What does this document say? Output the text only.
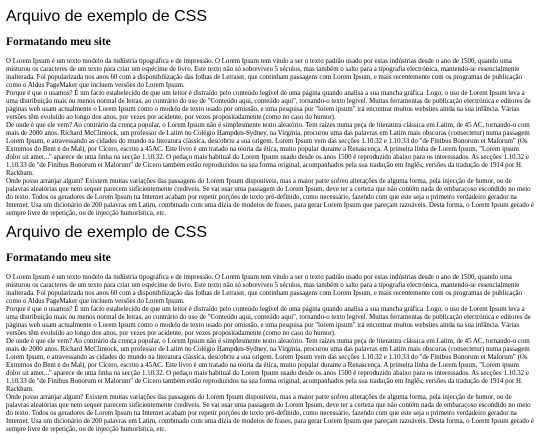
Arquivo de exemplo de CSS
Formatando meu site

O Lorem Ipsum é um texto modelo da indústria tipográfica e de impressão. O Lorem Ipsum tem vindo a ser o texto padrão usado por estas indústrias desde o ano de 1500, quando uma misturou os caracteres de um texto para criar um espécime de livro. Este texto não só sobreviveu 5 séculos, mas também o salto para a tipografia electrónica, mantendo-se essencialmente inalterada. Foi popularizada nos anos 60 com a disponibilização das folhas de Letraset, que continham passagens com Lorem Ipsum, e mais recentemente com os programas de publicação como o Aldus PageMaker que incluem versões do Lorem Ipsum.

Porque é que o usamos? É um facto estabelecido de que um leitor é distraído pelo conteúdo legível de uma página quando analisa a sua mancha gráfica. Logo, o uso de Lorem Ipsum leva a uma distribuição mais ou menos normal de letras, ao contrário do uso de "Conteúdo aqui, conteúdo aqui", tornando-o texto legível. Muitas ferramentas de publicação electrónica e editores de páginas web usam actualmente o Lorem Ipsum como o modelo de texto usado por omissão, e uma pesquisa por "lorem ipsum" irá encontrar muitos websites ainda na sua infância. Várias versões têm evoluído ao longo dos anos, por vezes por acidente, por vezes propositadamente (como no caso do humor).

De onde é que ele vem? Ao contrário da crença popular, o Lorem Ipsum não é simplesmente texto aleatório. Tem raízes numa peça de literatura clássica em Latim, de 45 AC, tornando-o com mais de 2000 anos. Richard McClintock, um professor de Latim no Colégio Hampden-Sydney, na Virgínia, procurou uma das palavras em Latim mais obscuras (consectetur) numa passagem Lorem Ipsum, e atravessando as cidades do mundo na literatura clássica, descobriu a sua origem. Lorem Ipsum vem das secções 1.10.32 e 1.10.33 do "de Finibus Bonorum et Malorum" (Os Extremos do Bem e do Mal), por Cícero, escrito a 45AC. Este livro é um tratado na teoria da ética, muito popular durante a Renascença. A primeira linha de Lorem Ipsum, "Lorem ipsum dolor sit amet..." aparece de uma linha na secção 1.10.32. O pedaço mais habitual do Lorem Ipsum usado desde os anos 1500 é reproduzido abaixo para os interessados. As secções 1.10.32 e 1.10.33 de "de Finibus Bonorum et Malorum" de Cícero também estão reproduzidos na sua forma original, acompanhados pela sua tradução em Inglês, versões da tradução de 1914 por H. Rackham.

Onde posso arranjar algum? Existem muitas variações das passagens do Lorem Ipsum disponíveis, mas a maior parte sofreu alterações de alguma forma, pela injecção de humor, ou de palavras aleatórias que nem sequer parecem suficientemente credíveis. Se vai usar uma passagem do Lorem Ipsum, deve ter a certeza que não contém nada de embaraçoso escondido no meio do texto. Todos os geradores de Lorem Ipsum na Internet acabam por repetir porções de texto pré-definido, como necessário, fazendo com que este seja o primeiro verdadeiro gerador na Internet. Usa um dicionário de 200 palavras em Latim, combinado com uma dízia de modelos de frases, para gerar Lorem Ipsum que pareçam razoáveis. Desta forma, o Lorem Ipsum gerado é sempre livre de repetição, ou de injecção humorística, etc.

Arquivo de exemplo de CSS
Formatando meu site

O Lorem Ipsum é um texto modelo da indústria tipográfica e de impressão. O Lorem Ipsum tem vindo a ser o texto padrão usado por estas indústrias desde o ano de 1500, quando uma misturou os caracteres de um texto para criar um espécime de livro. Este texto não só sobreviveu 5 séculos, mas também o salto para a tipografia electrónica, mantendo-se essencialmente inalterada. Foi popularizada nos anos 60 com a disponibilização das folhas de Letraset, que continham passagens com Lorem Ipsum, e mais recentemente com os programas de publicação como o Aldus PageMaker que incluem versões do Lorem Ipsum.

Porque é que o usamos? É um facto estabelecido de que um leitor é distraído pelo conteúdo legível de uma página quando analisa a sua mancha gráfica. Logo, o uso de Lorem Ipsum leva a uma distribuição mais ou menos normal de letras, ao contrário do uso de "Conteúdo aqui, conteúdo aqui", tornando-o texto legível. Muitas ferramentas de publicação electrónica e editores de páginas web usam actualmente o Lorem Ipsum como o modelo de texto usado por omissão, e uma pesquisa por "lorem ipsum" irá encontrar muitos websites ainda na sua infância. Várias versões têm evoluído ao longo dos anos, por vezes por acidente, por vezes propositadamente (como no caso do humor).

De onde é que ele vem? Ao contrário da crença popular, o Lorem Ipsum não é simplesmente texto aleatório. Tem raízes numa peça de literatura clássica em Latim, de 45 AC, tornando-o com mais de 2000 anos. Richard McClintock, um professor de Latim no Colégio Hampden-Sydney, na Virgínia, procurou uma das palavras em Latim mais obscuras (consectetur) numa passagem Lorem Ipsum, e atravessando as cidades do mundo na literatura clássica, descobriu a sua origem. Lorem Ipsum vem das secções 1.10.32 e 1.10.33 do "de Finibus Bonorum et Malorum" (Os Extremos do Bem e do Mal), por Cícero, escrito a 45AC. Este livro é um tratado na teoria da ética, muito popular durante a Renascença. A primeira linha de Lorem Ipsum, "Lorem ipsum dolor sit amet..." aparece de uma linha na secção 1.10.32. O pedaço mais habitual do Lorem Ipsum usado desde os anos 1500 é reproduzido abaixo para os interessados. As secções 1.10.32 e 1.10.33 de "de Finibus Bonorum et Malorum" de Cícero também estão reproduzidos na sua forma original, acompanhados pela sua tradução em Inglês, versões da tradução de 1914 por H. Rackham.

Onde posso arranjar algum? Existem muitas variações das passagens do Lorem Ipsum disponíveis, mas a maior parte sofreu alterações de alguma forma, pela injecção de humor, ou de palavras aleatórias que nem sequer parecem suficientemente credíveis. Se vai usar uma passagem do Lorem Ipsum, deve ter a certeza que não contém nada de embaraçoso escondido no meio do texto. Todos os geradores de Lorem Ipsum na Internet acabam por repetir porções de texto pré-definido, como necessário, fazendo com que este seja o primeiro verdadeiro gerador na Internet. Usa um dicionário de 200 palavras em Latim, combinado com uma dízia de modelos de frases, para gerar Lorem Ipsum que pareçam razoáveis. Desta forma, o Lorem Ipsum gerado é sempre livre de repetição, ou de injecção humorística, etc.
